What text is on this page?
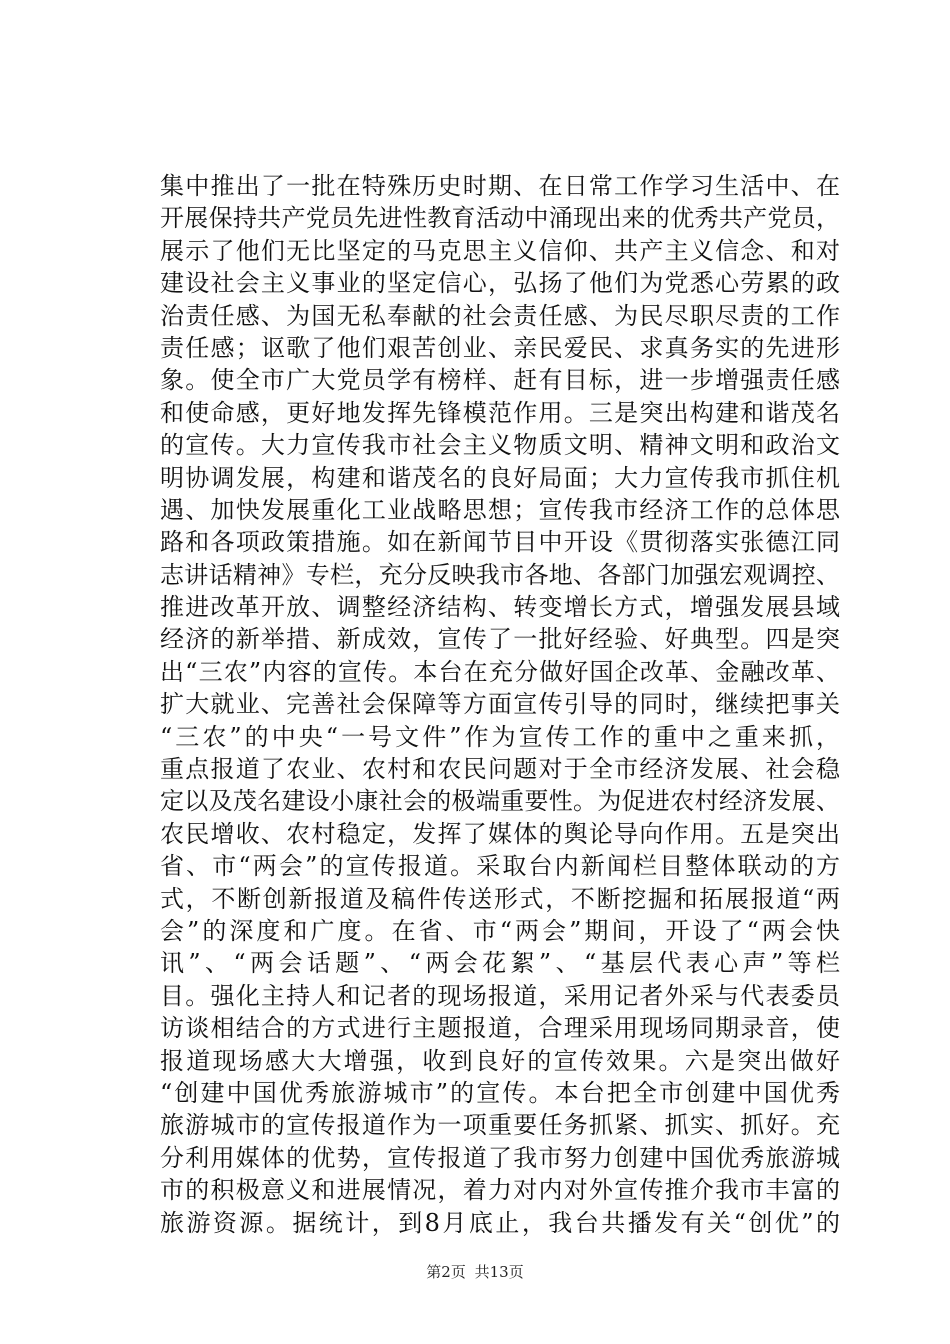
集中推出了一批在特殊历史时期、在日常工作学习生活中、在
开展保持共产党员先进性教育活动中涌现出来的优秀共产党员，
展示了他们无比坚定的马克思主义信仰、共产主义信念、和对
建设社会主义事业的坚定信心，弘扬了他们为党悉心劳累的政
治责任感、为国无私奉献的社会责任感、为民尽职尽责的工作
责任感；讴歌了他们艰苦创业、亲民爱民、求真务实的先进形
象。使全市广大党员学有榜样、赶有目标，进一步增强责任感
和使命感，更好地发挥先锋模范作用。三是突出构建和谐茂名
的宣传。大力宣传我市社会主义物质文明、精神文明和政治文
明协调发展，构建和谐茂名的良好局面；大力宣传我市抓住机
遇、加快发展重化工业战略思想；宣传我市经济工作的总体思
路和各项政策措施。如在新闻节目中开设《贯彻落实张德江同
志讲话精神》专栏，充分反映我市各地、各部门加强宏观调控、
推进改革开放、调整经济结构、转变增长方式，增强发展县域
经济的新举措、新成效，宣传了一批好经验、好典型。四是突
出“三农”内容的宣传。本台在充分做好国企改革、金融改革、
扩大就业、完善社会保障等方面宣传引导的同时，继续把事关
“三农”的中央“一号文件”作为宣传工作的重中之重来抓，
重点报道了农业、农村和农民问题对于全市经济发展、社会稳
定以及茂名建设小康社会的极端重要性。为促进农村经济发展、
农民增收、农村稳定，发挥了媒体的舆论导向作用。五是突出
省、市“两会”的宣传报道。采取台内新闻栏目整体联动的方
式，不断创新报道及稿件传送形式，不断挖掘和拓展报道“两
会”的深度和广度。在省、市“两会”期间，开设了“两会快
讯”、“两会话题”、“两会花絮”、“基层代表心声”等栏
目。强化主持人和记者的现场报道，采用记者外采与代表委员
访谈相结合的方式进行主题报道，合理采用现场同期录音，使
报道现场感大大增强，收到良好的宣传效果。六是突出做好
“创建中国优秀旅游城市”的宣传。本台把全市创建中国优秀
旅游城市的宣传报道作为一项重要任务抓紧、抓实、抓好。充
分利用媒体的优势，宣传报道了我市努力创建中国优秀旅游城
市的积极意义和进展情况，着力对内对外宣传推介我市丰富的
旅游资源。据统计，到8月底止，我台共播发有关“创优”的
第2页 共13页
